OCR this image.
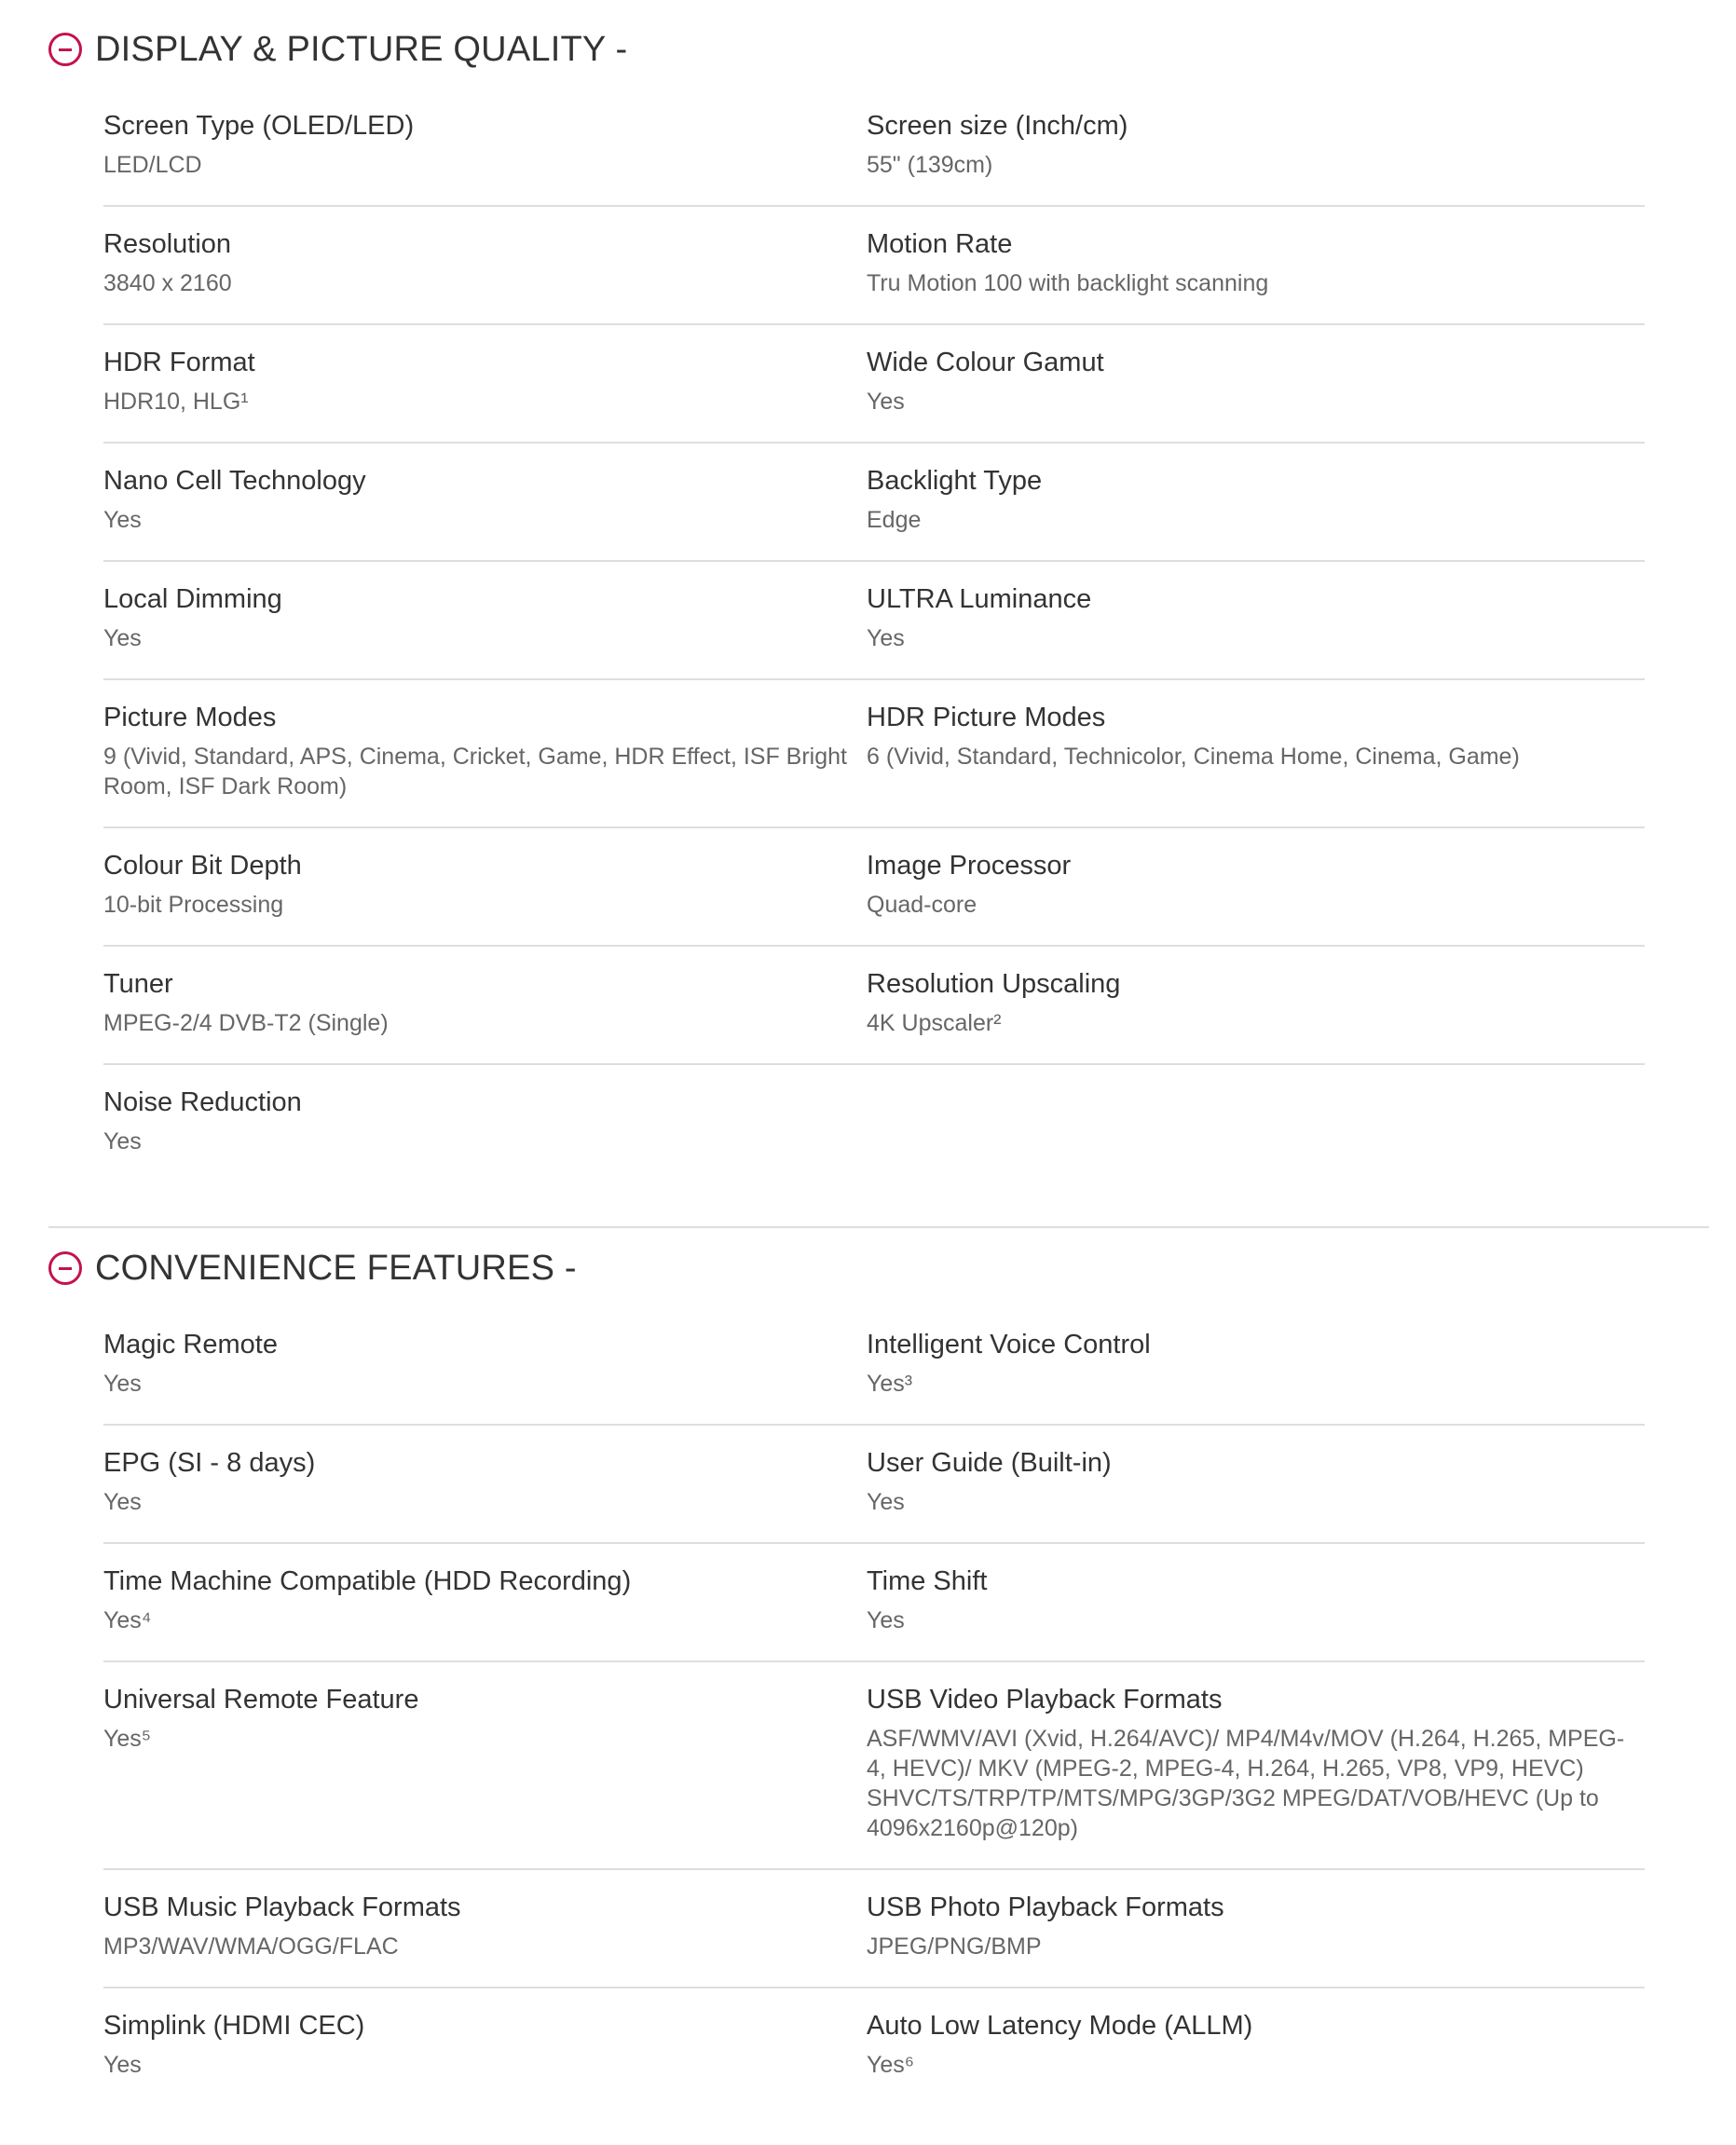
DISPLAY & PICTURE QUALITY -
Screen Type (OLED/LED)
LED/LCD
Screen size (Inch/cm)
55" (139cm)
Resolution
3840 x 2160
Motion Rate
Tru Motion 100 with backlight scanning
HDR Format
HDR10, HLG¹
Wide Colour Gamut
Yes
Nano Cell Technology
Yes
Backlight Type
Edge
Local Dimming
Yes
ULTRA Luminance
Yes
Picture Modes
9 (Vivid, Standard, APS, Cinema, Cricket, Game, HDR Effect, ISF Bright Room, ISF Dark Room)
HDR Picture Modes
6 (Vivid, Standard, Technicolor, Cinema Home, Cinema, Game)
Colour Bit Depth
10-bit Processing
Image Processor
Quad-core
Tuner
MPEG-2/4 DVB-T2 (Single)
Resolution Upscaling
4K Upscaler²
Noise Reduction
Yes
CONVENIENCE FEATURES -
Magic Remote
Yes
Intelligent Voice Control
Yes³
EPG (SI - 8 days)
Yes
User Guide (Built-in)
Yes
Time Machine Compatible (HDD Recording)
Yes⁴
Time Shift
Yes
Universal Remote Feature
Yes⁵
USB Video Playback Formats
ASF/WMV/AVI (Xvid, H.264/AVC)/ MP4/M4v/MOV (H.264, H.265, MPEG-4, HEVC)/ MKV (MPEG-2, MPEG-4, H.264, H.265, VP8, VP9, HEVC) SHVC/TS/TRP/TP/MTS/MPG/3GP/3G2 MPEG/DAT/VOB/HEVC (Up to 4096x2160p@120p)
USB Music Playback Formats
MP3/WAV/WMA/OGG/FLAC
USB Photo Playback Formats
JPEG/PNG/BMP
Simplink (HDMI CEC)
Yes
Auto Low Latency Mode (ALLM)
Yes⁶
